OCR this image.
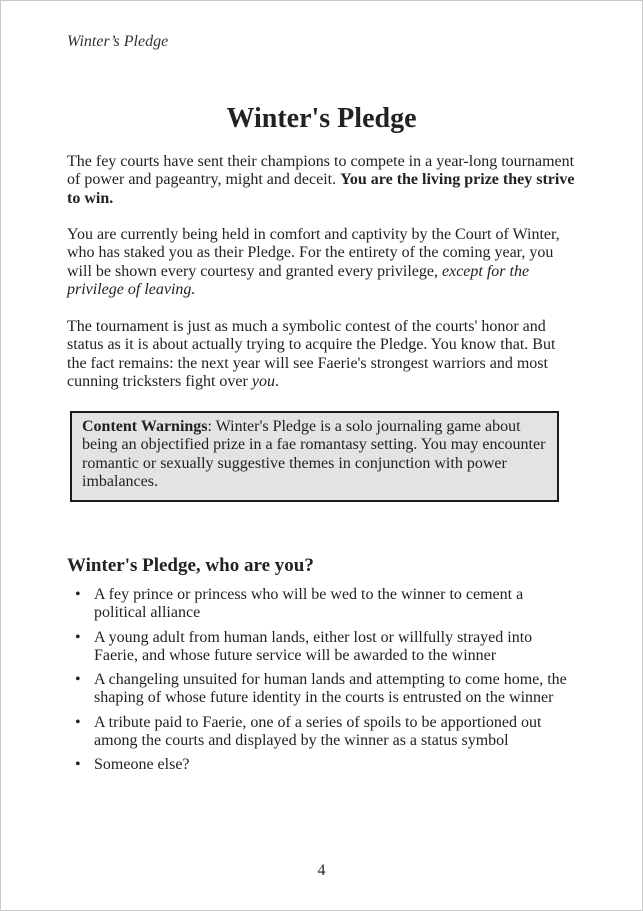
Winter’s Pledge
Winter's Pledge

The fey courts have sent their champions to compete in a year-long tournament of power and pageantry, might and deceit. You are the living prize they strive to win.

You are currently being held in comfort and captivity by the Court of Winter, who has staked you as their Pledge. For the entirety of the coming year, you will be shown every courtesy and granted every privilege, except for the privilege of leaving.

The tournament is just as much a symbolic contest of the courts' honor and status as it is about actually trying to acquire the Pledge. You know that. But the fact remains: the next year will see Faerie's strongest warriors and most cunning tricksters fight over you.

Content Warnings: Winter's Pledge is a solo journaling game about being an objectified prize in a fae romantasy setting. You may encounter romantic or sexually suggestive themes in conjunction with power imbalances.
Winter's Pledge, who are you?
• A fey prince or princess who will be wed to the winner to cement a political alliance
• A young adult from human lands, either lost or willfully strayed into Faerie, and whose future service will be awarded to the winner
• A changeling unsuited for human lands and attempting to come home, the shaping of whose future identity in the courts is entrusted on the winner
• A tribute paid to Faerie, one of a series of spoils to be apportioned out among the courts and displayed by the winner as a status symbol
• Someone else?
4
